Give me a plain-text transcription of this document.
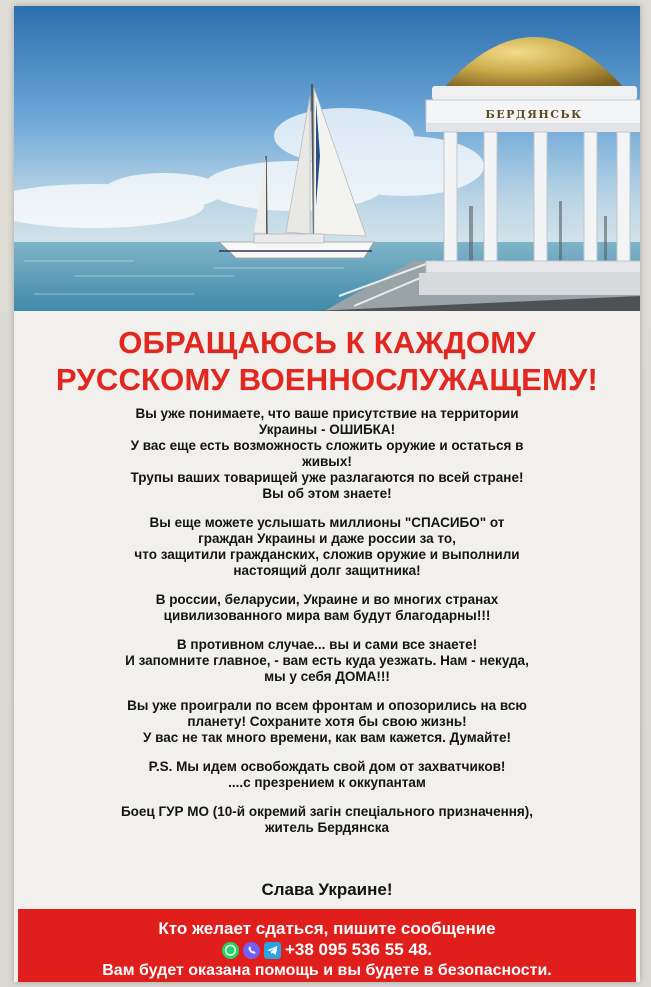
БЕРДЯНСЬК
ОБРАЩАЮСЬ К КАЖДОМУ
РУССКОМУ ВОЕННОСЛУЖАЩЕМУ!
Вы уже понимаете, что ваше присутствие на территории
Украины - ОШИБКА!
У вас еще есть возможность сложить оружие и остаться в
живых!
Трупы ваших товарищей уже разлагаются по всей стране!
Вы об этом знаете!
Вы еще можете услышать миллионы "СПАСИБО" от
граждан Украины и даже россии за то,
что защитили гражданских, сложив оружие и выполнили
настоящий долг защитника!
В россии, беларусии, Украине и во многих странах
цивилизованного мира вам будут благодарны!!!
В противном случае... вы и сами все знаете!
И запомните главное, - вам есть куда уезжать. Нам - некуда,
мы у себя ДОМА!!!
Вы уже проиграли по всем фронтам и опозорились на всю
планету! Сохраните хотя бы свою жизнь!
У вас не так много времени, как вам кажется. Думайте!
P.S. Мы идем освобождать свой дом от захватчиков!
....с презрением к оккупантам
Боец ГУР МО (10-й окремий загін спеціального призначення),
житель Бердянска
Слава Украине!
Кто желает сдаться, пишите сообщение
+38 095 536 55 48.
Вам будет оказана помощь и вы будете в безопасности.
